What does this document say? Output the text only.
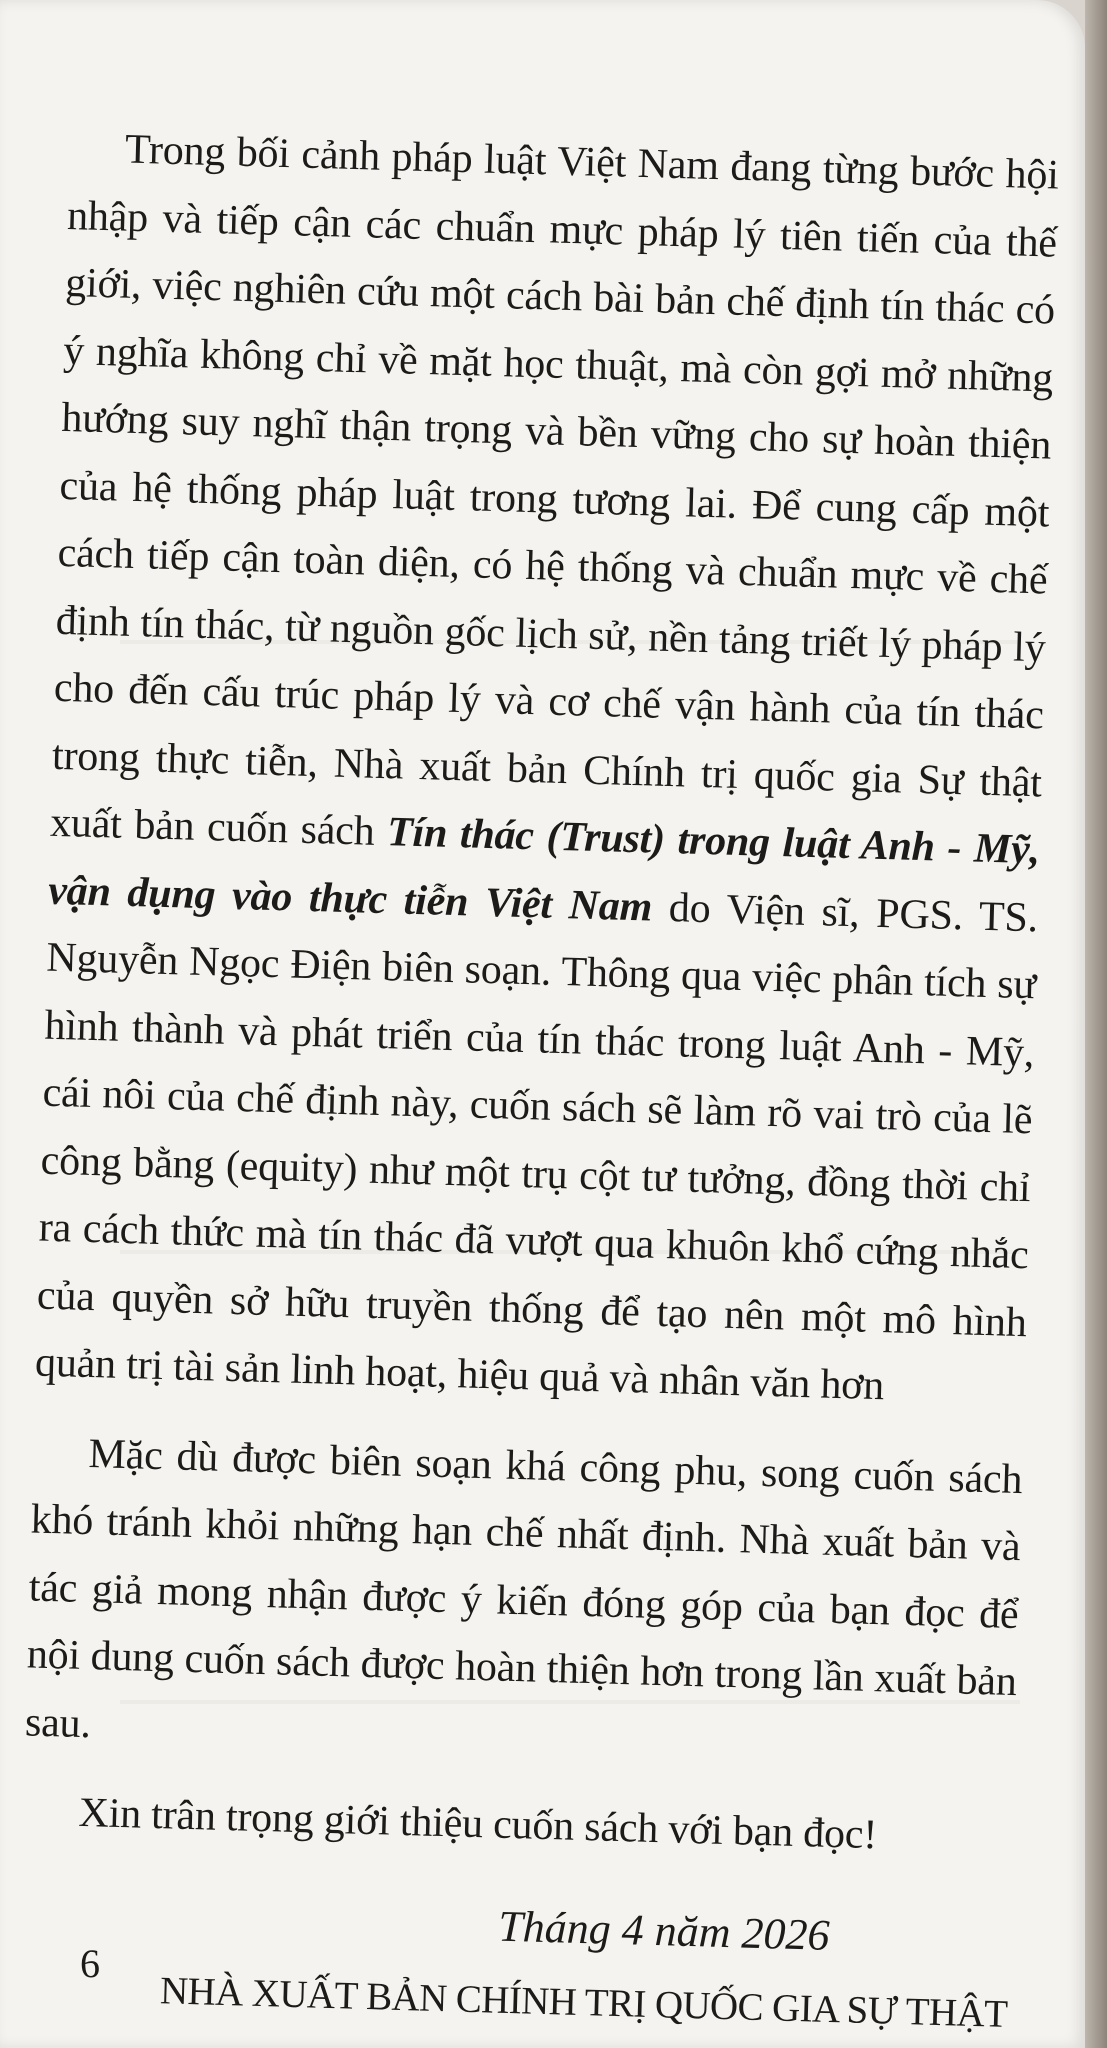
Trong bối cảnh pháp luật Việt Nam đang từng bước hội nhập và tiếp cận các chuẩn mực pháp lý tiên tiến của thế giới, việc nghiên cứu một cách bài bản chế định tín thác có ý nghĩa không chỉ về mặt học thuật, mà còn gợi mở những hướng suy nghĩ thận trọng và bền vững cho sự hoàn thiện của hệ thống pháp luật trong tương lai. Để cung cấp một cách tiếp cận toàn diện, có hệ thống và chuẩn mực về chế định tín thác, từ nguồn gốc lịch sử, nền tảng triết lý pháp lý cho đến cấu trúc pháp lý và cơ chế vận hành của tín thác trong thực tiễn, Nhà xuất bản Chính trị quốc gia Sự thật xuất bản cuốn sách Tín thác (Trust) trong luật Anh - Mỹ, vận dụng vào thực tiễn Việt Nam do Viện sĩ, PGS. TS. Nguyễn Ngọc Điện biên soạn. Thông qua việc phân tích sự hình thành và phát triển của tín thác trong luật Anh - Mỹ, cái nôi của chế định này, cuốn sách sẽ làm rõ vai trò của lẽ công bằng (equity) như một trụ cột tư tưởng, đồng thời chỉ ra cách thức mà tín thác đã vượt qua khuôn khổ cứng nhắc của quyền sở hữu truyền thống để tạo nên một mô hình quản trị tài sản linh hoạt, hiệu quả và nhân văn hơn

Mặc dù được biên soạn khá công phu, song cuốn sách khó tránh khỏi những hạn chế nhất định. Nhà xuất bản và tác giả mong nhận được ý kiến đóng góp của bạn đọc để nội dung cuốn sách được hoàn thiện hơn trong lần xuất bản sau.

Xin trân trọng giới thiệu cuốn sách với bạn đọc!

Tháng 4 năm 2026

NHÀ XUẤT BẢN CHÍNH TRỊ QUỐC GIA SỰ THẬT

6
